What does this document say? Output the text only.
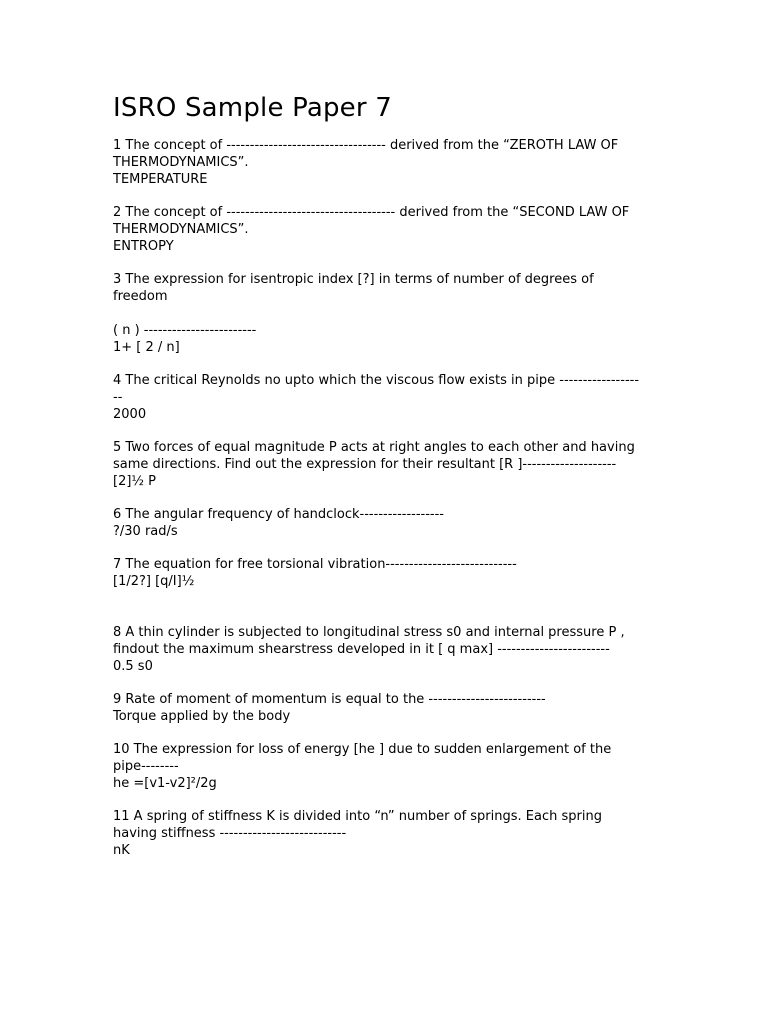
ISRO Sample Paper 7

1 The concept of ---------------------------------- derived from the “ZEROTH LAW OF THERMODYNAMICS”.

TEMPERATURE

2 The concept of ------------------------------------ derived from the “SECOND LAW OF THERMODYNAMICS”.

ENTROPY

3 The expression for isentropic index [?] in terms of number of degrees of freedom

( n ) ------------------------

1+ [ 2 / n]

4 The critical Reynolds no upto which the viscous flow exists in pipe -------------------

2000

5 Two forces of equal magnitude P acts at right angles to each other and having same directions. Find out the expression for their resultant [R ]--------------------

[2]½ P

6 The angular frequency of handclock------------------

?/30 rad/s

7 The equation for free torsional vibration----------------------------

[1/2?] [q/I]½

8 A thin cylinder is subjected to longitudinal stress s0 and internal pressure P , findout the maximum shearstress developed in it [ q max] ------------------------

0.5 s0

9 Rate of moment of momentum is equal to the -------------------------

Torque applied by the body

10 The expression for loss of energy [he ] due to sudden enlargement of the pipe--------

he =[v1-v2]²/2g

11 A spring of stiffness K is divided into “n” number of springs. Each spring having stiffness ---------------------------

nK
